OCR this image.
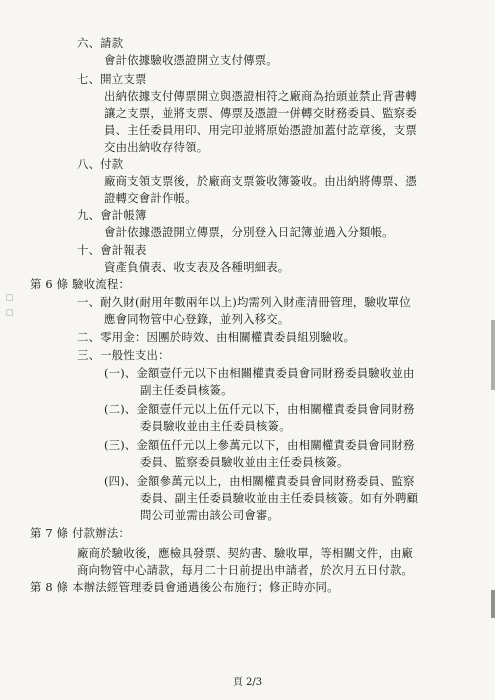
六、請款
會計依據驗收憑證開立支付傳票。
七、開立支票
出納依據支付傳票開立與憑證相符之廠商為抬頭並禁止背書轉
讓之支票，並將支票、傳票及憑證一併轉交財務委員、監察委
員、主任委員用印、用完印並將原始憑證加蓋付訖章後，支票
交由出納收存待領。
八、付款
廠商支領支票後，於廠商支票簽收簿簽收。由出納將傳票、憑
證轉交會計作帳。
九、會計帳簿
會計依據憑證開立傳票，分別登入日記簿並過入分類帳。
十、會計報表
資產負債表、收支表及各種明細表。
第 6 條 驗收流程：
一、耐久財(耐用年數兩年以上)均需列入財產清冊管理，驗收單位
應會同物管中心登錄，並列入移交。
二、零用金：因團於時效、由相關權責委員組別驗收。
三、一般性支出：
(一)、金額壹仟元以下由相關權責委員會同財務委員驗收並由
副主任委員核簽。
(二)、金額壹仟元以上伍仟元以下，由相關權責委員會同財務
委員驗收並由主任委員核簽。
(三)、金額伍仟元以上參萬元以下，由相關權責委員會同財務
委員、監察委員驗收並由主任委員核簽。
(四)、金額參萬元以上，由相關權責委員會同財務委員、監察
委員、副主任委員驗收並由主任委員核簽。如有外聘顧
問公司並需由該公司會審。
第 7 條 付款辦法：
廠商於驗收後，應檢具發票、契約書、驗收單，等相關文件，由廠
商向物管中心請款，每月二十日前提出申請者，於次月五日付款。
第 8 條 本辦法經管理委員會通過後公布施行；修正時亦同。
頁 2/3
▫▫
